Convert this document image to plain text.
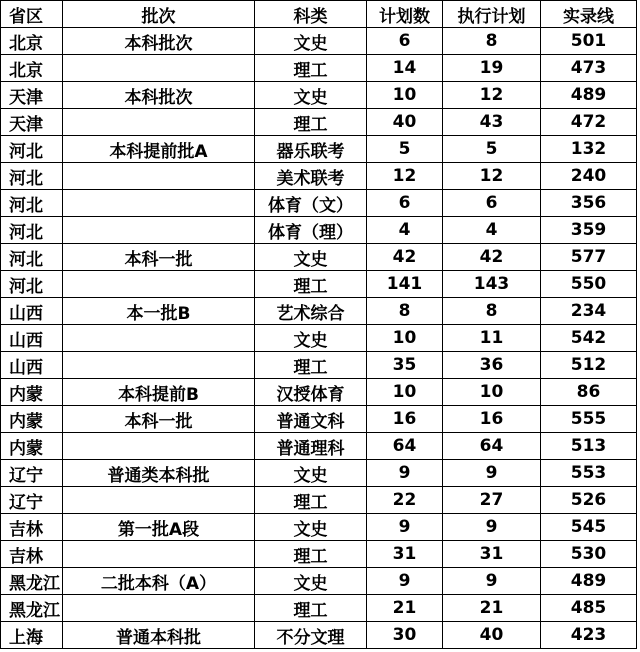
省区	批次	科类	计划数	执行计划	实录线
北京	本科批次	文史	6	8	501
北京		理工	14	19	473
天津	本科批次	文史	10	12	489
天津		理工	40	43	472
河北	本科提前批A	器乐联考	5	5	132
河北		美术联考	12	12	240
河北		体育（文）	6	6	356
河北		体育（理）	4	4	359
河北	本科一批	文史	42	42	577
河北		理工	141	143	550
山西	本一批B	艺术综合	8	8	234
山西		文史	10	11	542
山西		理工	35	36	512
内蒙	本科提前B	汉授体育	10	10	86
内蒙	本科一批	普通文科	16	16	555
内蒙		普通理科	64	64	513
辽宁	普通类本科批	文史	9	9	553
辽宁		理工	22	27	526
吉林	第一批A段	文史	9	9	545
吉林		理工	31	31	530
黑龙江	二批本科（A）	文史	9	9	489
黑龙江		理工	21	21	485
上海	普通本科批	不分文理	30	40	423
